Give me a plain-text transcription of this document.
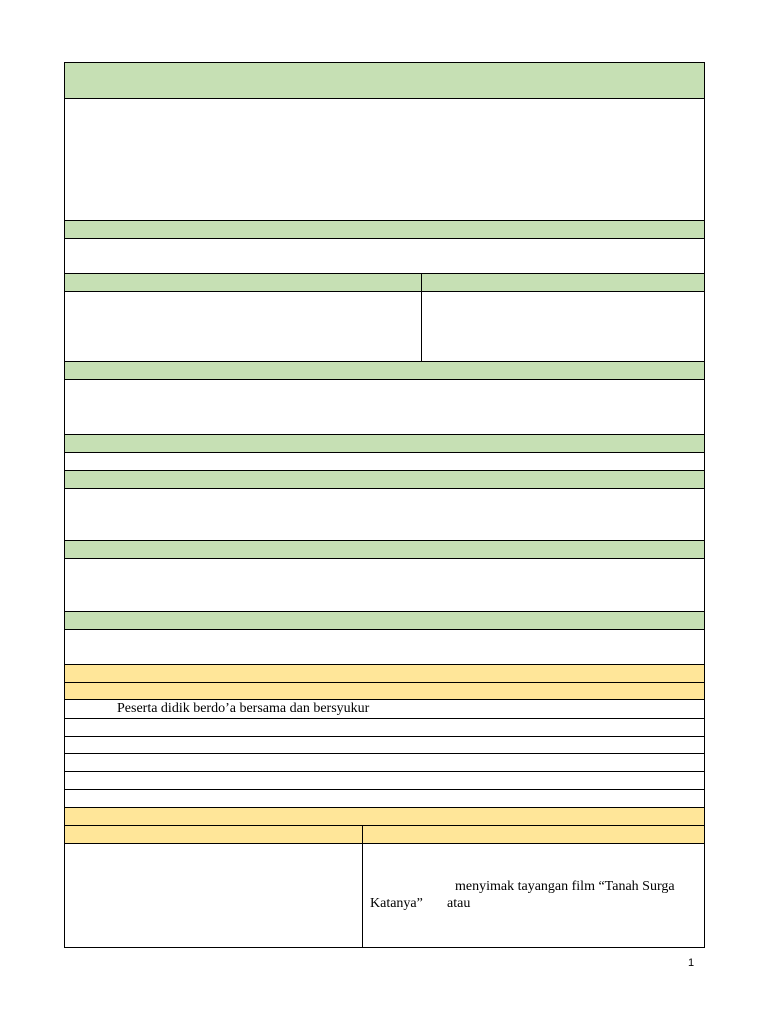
Peserta didik berdo’a bersama dan bersyukur
menyimak tayangan film “Tanah Surga
Katanya” atau
1
